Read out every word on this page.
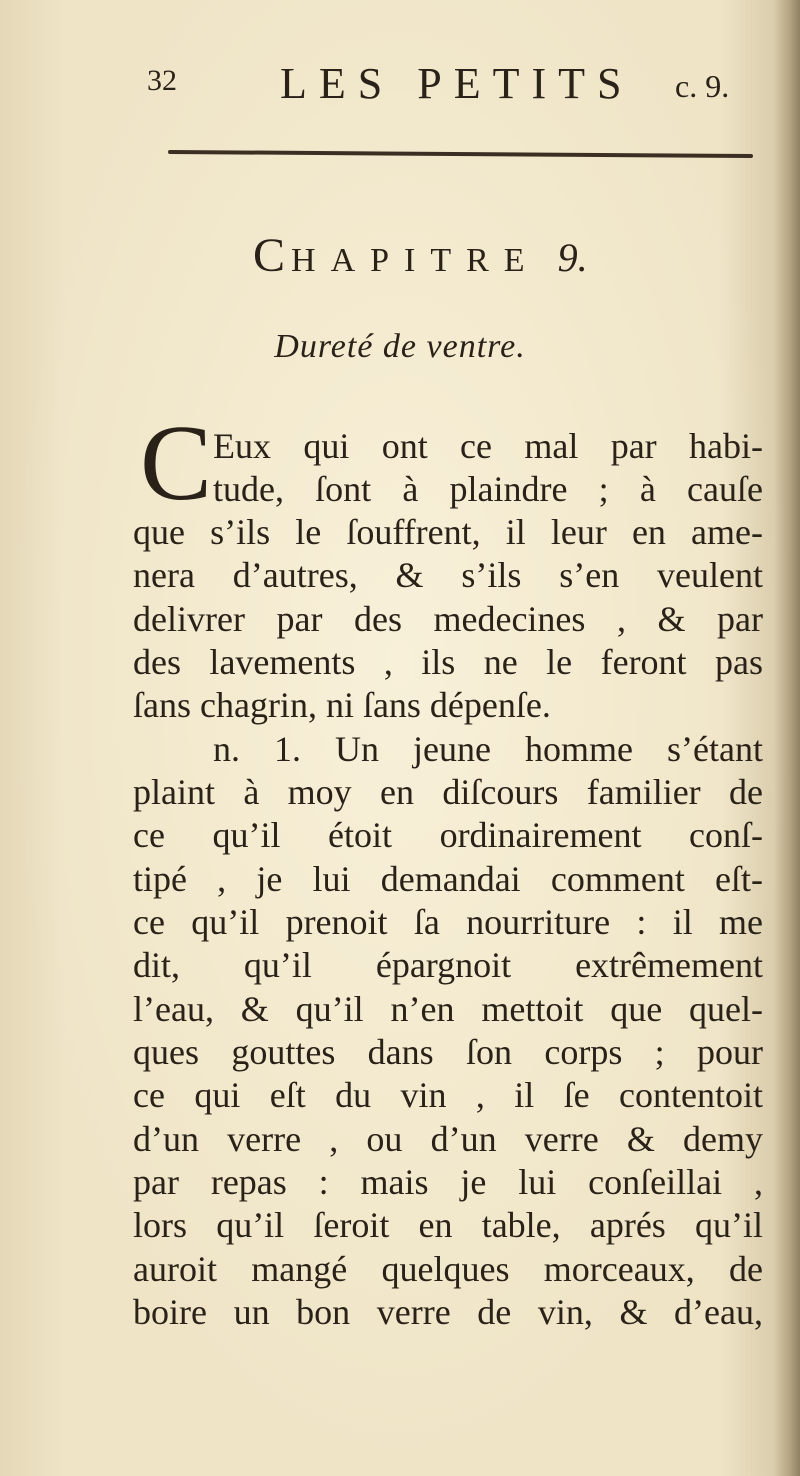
32 LES PETITS c. 9.
CHAPITRE 9.
Dureté de ventre.
C Eux qui ont ce mal par habi-
tude, ſont à plaindre ; à cauſe
que s’ils le ſouffrent, il leur en ame-
nera d’autres, & s’ils s’en veulent
delivrer par des medecines , & par
des lavements , ils ne le feront pas
ſans chagrin, ni ſans dépenſe.
n. 1. Un jeune homme s’étant
plaint à moy en diſcours familier de
ce qu’il étoit ordinairement conſ-
tipé , je lui demandai comment eſt-
ce qu’il prenoit ſa nourriture : il me
dit, qu’il épargnoit extrêmement
l’eau, & qu’il n’en mettoit que quel-
ques gouttes dans ſon corps ; pour
ce qui eſt du vin , il ſe contentoit
d’un verre , ou d’un verre & demy
par repas : mais je lui conſeillai ,
lors qu’il ſeroit en table, aprés qu’il
auroit mangé quelques morceaux, de
boire un bon verre de vin, & d’eau,
